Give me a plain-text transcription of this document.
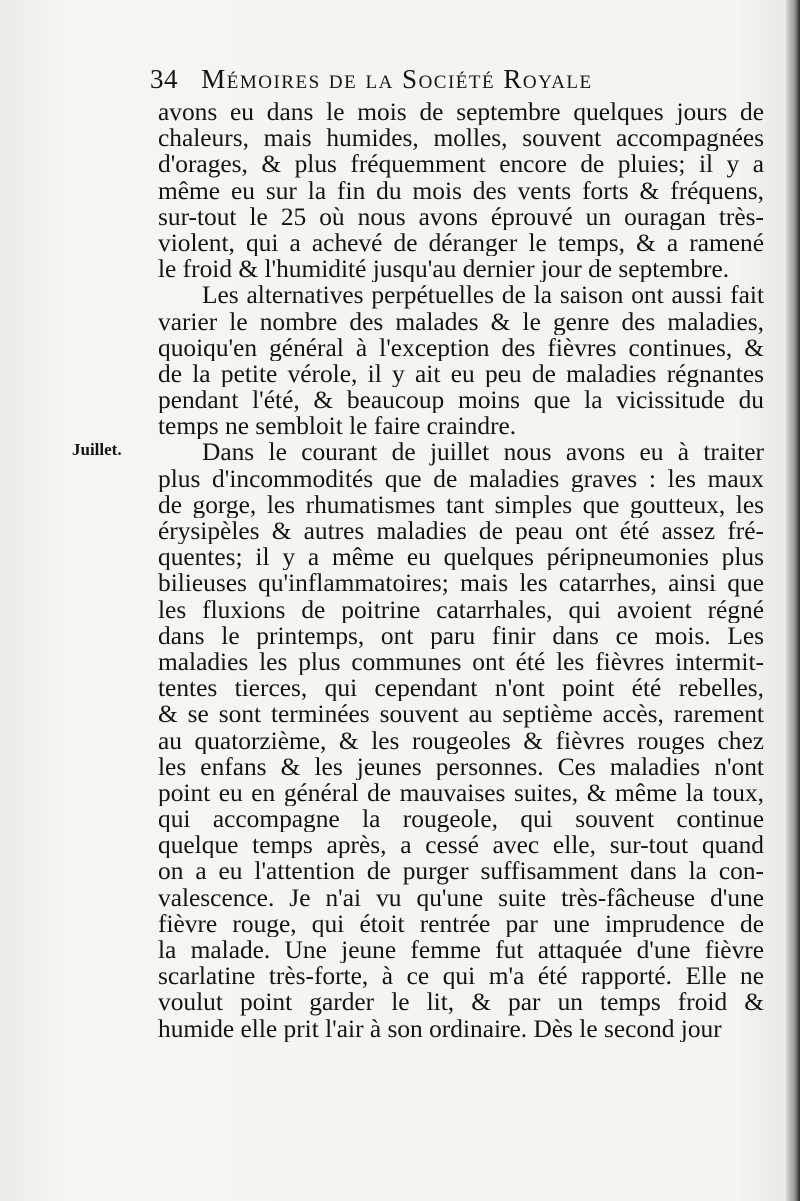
34 Mémoires de la Société Royale
Juillet.
avons eu dans le mois de septembre quelques jours de
chaleurs, mais humides, molles, souvent accompagnées
d'orages, & plus fréquemment encore de pluies; il y a
même eu sur la fin du mois des vents forts & fréquens,
sur-tout le 25 où nous avons éprouvé un ouragan très-
violent, qui a achevé de déranger le temps, & a ramené
le froid & l'humidité jusqu'au dernier jour de septembre.
Les alternatives perpétuelles de la saison ont aussi fait
varier le nombre des malades & le genre des maladies,
quoiqu'en général à l'exception des fièvres continues, &
de la petite vérole, il y ait eu peu de maladies régnantes
pendant l'été, & beaucoup moins que la vicissitude du
temps ne sembloit le faire craindre.
Dans le courant de juillet nous avons eu à traiter
plus d'incommodités que de maladies graves : les maux
de gorge, les rhumatismes tant simples que goutteux, les
érysipèles & autres maladies de peau ont été assez fré-
quentes; il y a même eu quelques péripneumonies plus
bilieuses qu'inflammatoires; mais les catarrhes, ainsi que
les fluxions de poitrine catarrhales, qui avoient régné
dans le printemps, ont paru finir dans ce mois. Les
maladies les plus communes ont été les fièvres intermit-
tentes tierces, qui cependant n'ont point été rebelles,
& se sont terminées souvent au septième accès, rarement
au quatorzième, & les rougeoles & fièvres rouges chez
les enfans & les jeunes personnes. Ces maladies n'ont
point eu en général de mauvaises suites, & même la toux,
qui accompagne la rougeole, qui souvent continue
quelque temps après, a cessé avec elle, sur-tout quand
on a eu l'attention de purger suffisamment dans la con-
valescence. Je n'ai vu qu'une suite très-fâcheuse d'une
fièvre rouge, qui étoit rentrée par une imprudence de
la malade. Une jeune femme fut attaquée d'une fièvre
scarlatine très-forte, à ce qui m'a été rapporté. Elle ne
voulut point garder le lit, & par un temps froid &
humide elle prit l'air à son ordinaire. Dès le second jour
